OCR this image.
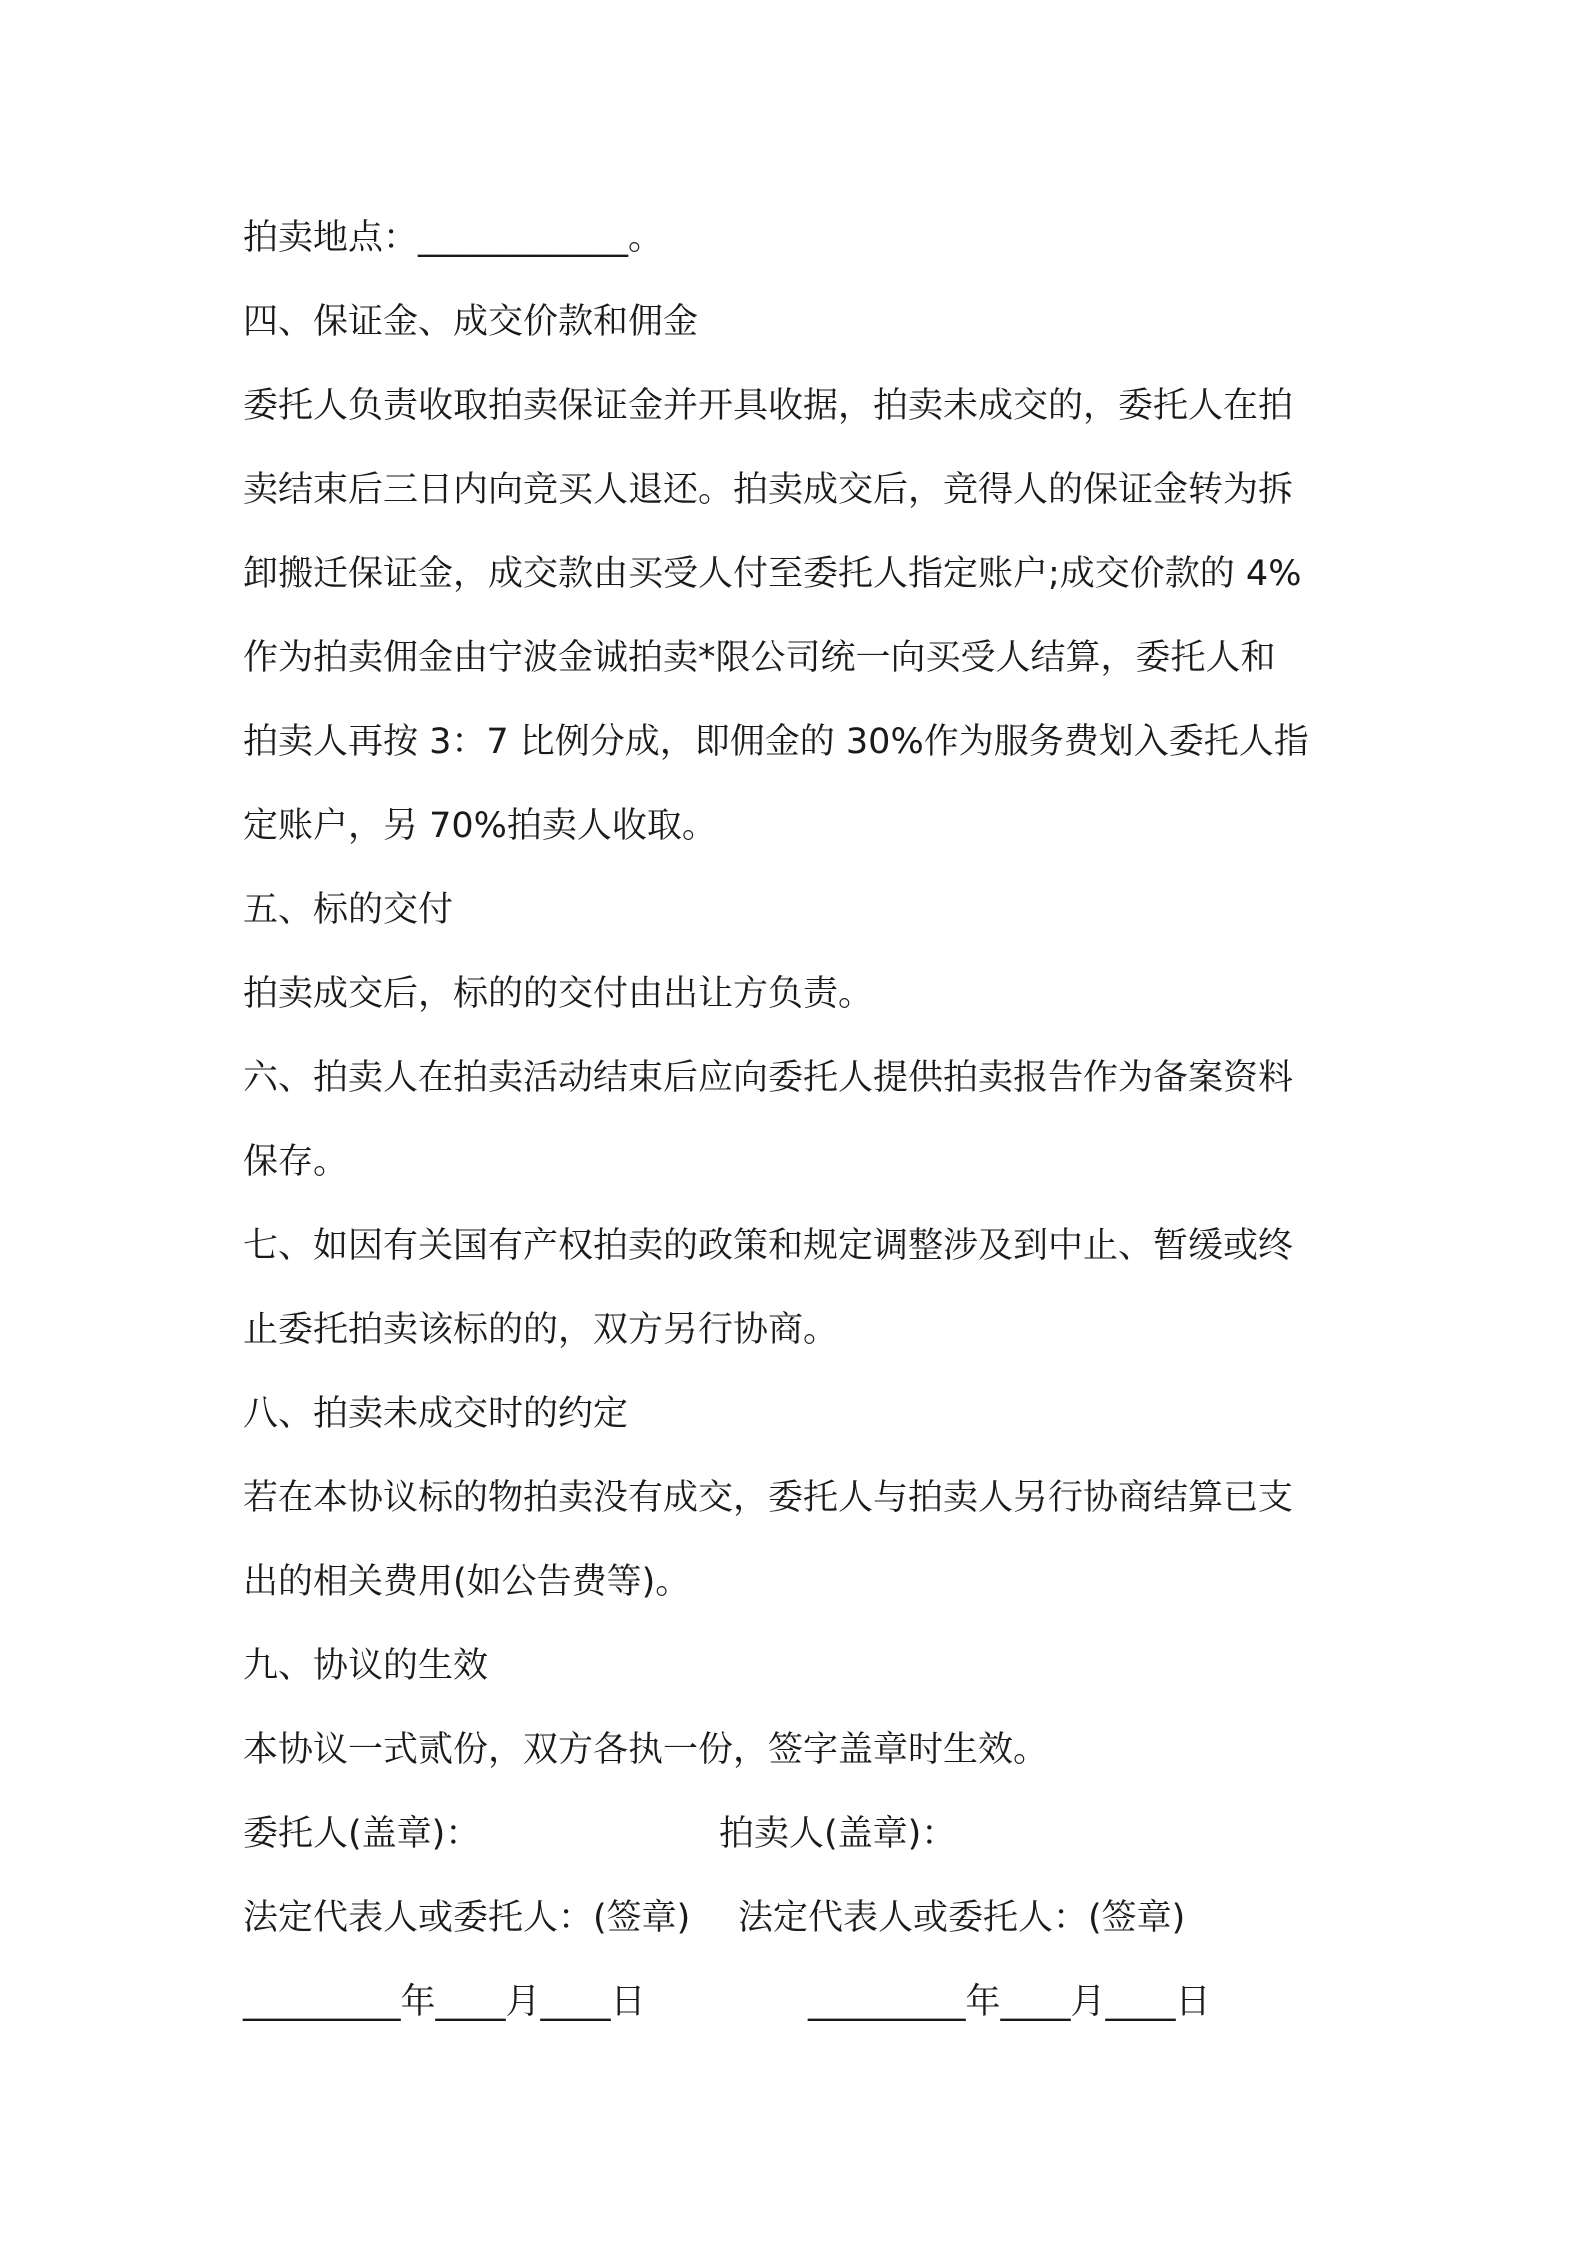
拍卖地点：____________。
四、保证金、成交价款和佣金
委托人负责收取拍卖保证金并开具收据，拍卖未成交的，委托人在拍
卖结束后三日内向竞买人退还。拍卖成交后，竞得人的保证金转为拆
卸搬迁保证金，成交款由买受人付至委托人指定账户;成交价款的 4%
作为拍卖佣金由宁波金诚拍卖*限公司统一向买受人结算，委托人和
拍卖人再按 3：7 比例分成，即佣金的 30%作为服务费划入委托人指
定账户，另 70%拍卖人收取。
五、标的交付
拍卖成交后，标的的交付由出让方负责。
六、拍卖人在拍卖活动结束后应向委托人提供拍卖报告作为备案资料
保存。
七、如因有关国有产权拍卖的政策和规定调整涉及到中止、暂缓或终
止委托拍卖该标的的，双方另行协商。
八、拍卖未成交时的约定
若在本协议标的物拍卖没有成交，委托人与拍卖人另行协商结算已支
出的相关费用(如公告费等)。
九、协议的生效
本协议一式贰份，双方各执一份，签字盖章时生效。
委托人(盖章)：	拍卖人(盖章)：
法定代表人或委托人：(签章) 法定代表人或委托人：(签章)
_________年____月____日	_________年____月____日
